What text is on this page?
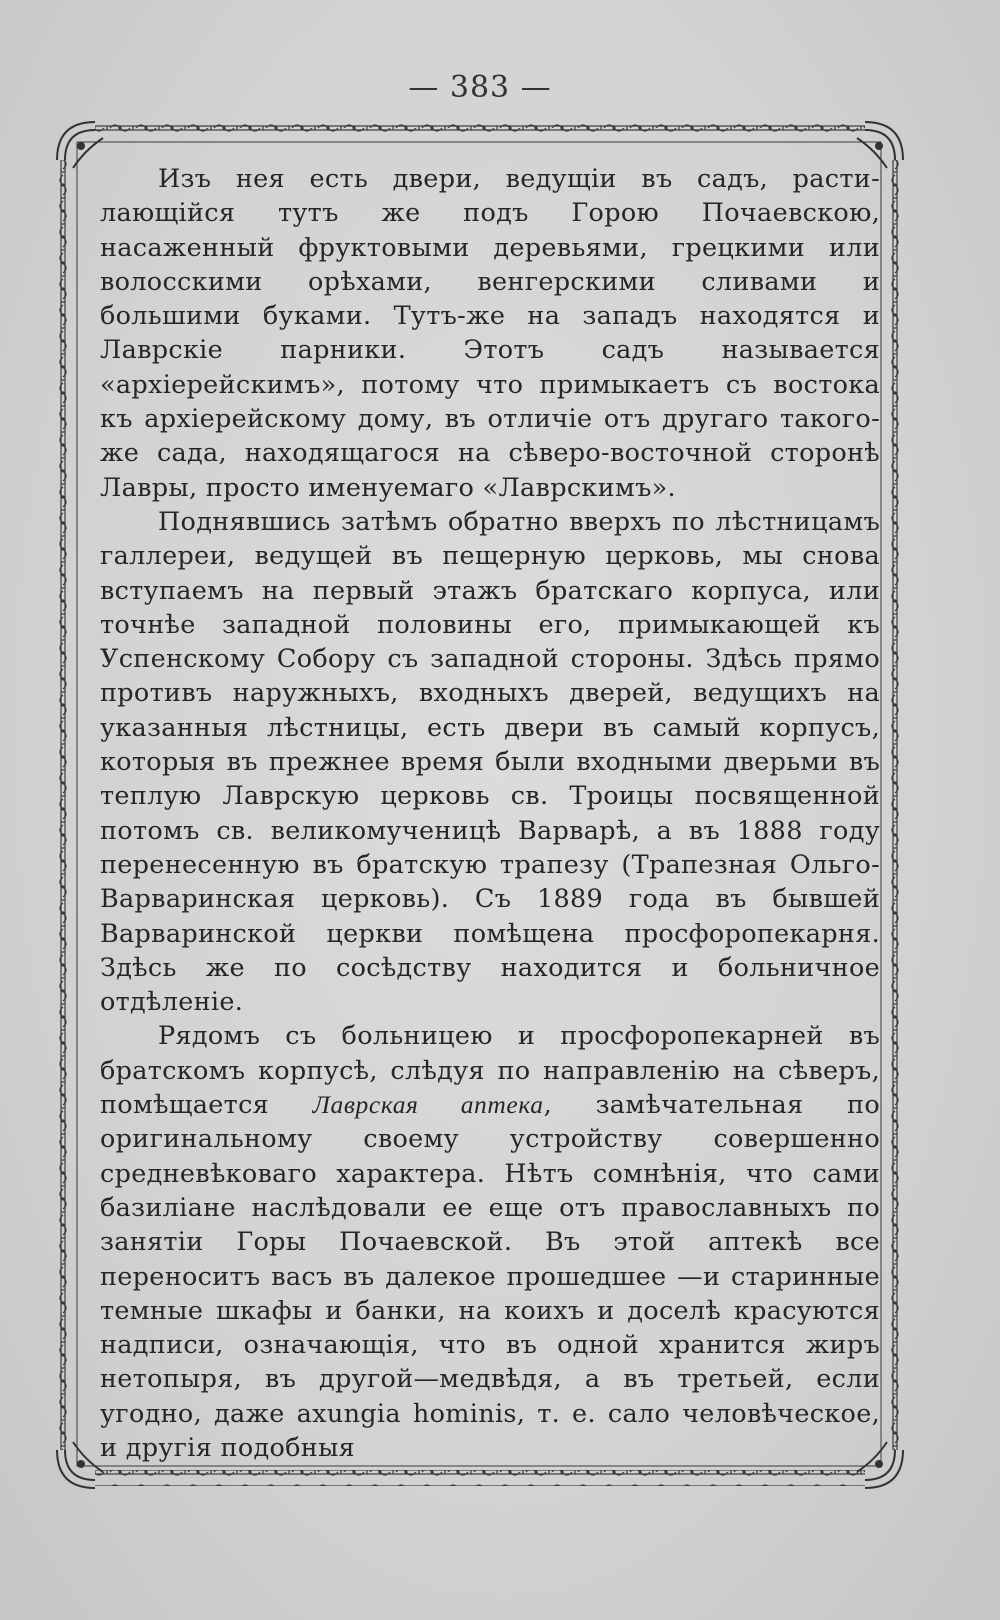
— 383 —

Изъ нея есть двери, ведущiи въ садъ, расти-лающiйся тутъ же подъ Горою Почаевскою, насаженный фруктовыми деревьями, грецкими или волосскими орѣхами, венгерскими сливами и большими буками. Тутъ-же на западъ находятся и Лаврскiе парники. Этотъ садъ называется «архiерейскимъ», потому что примыкаетъ съ востока къ архiерейскому дому, въ отличiе отъ другаго такого-же сада, находящагося на сѣверо-восточной сторонѣ Лавры, просто именуемаго «Лаврскимъ».

Поднявшись затѣмъ обратно вверхъ по лѣстницамъ галлереи, ведущей въ пещерную церковь, мы снова вступаемъ на первый этажъ братскаго корпуса, или точнѣе западной половины его, примыкающей къ Успенскому Собору съ западной стороны. Здѣсь прямо противъ наружныхъ, входныхъ дверей, ведущихъ на указанныя лѣстницы, есть двери въ самый корпусъ, которыя въ прежнее время были входными дверьми въ теплую Лаврскую церковь св. Троицы посвященной потомъ св. великомученицѣ Варварѣ, а въ 1888 году перенесенную въ братскую трапезу (Трапезная Ольго-Варваринская церковь). Съ 1889 года въ бывшей Варваринской церкви помѣщена просфоропекарня. Здѣсь же по сосѣдству находится и больничное отдѣленiе.

Рядомъ съ больницею и просфоропекарней въ братскомъ корпусѣ, слѣдуя по направленiю на сѣверъ, помѣщается Лаврская аптека, замѣчательная по оригинальному своему устройству совершенно средневѣковаго характера. Нѣтъ сомнѣнiя, что сами базилiане наслѣдовали ее еще отъ православныхъ по занятiи Горы Почаевской. Въ этой аптекѣ все переноситъ васъ въ далекое прошедшее —и старинные темные шкафы и банки, на коихъ и доселѣ красуются надписи, означающiя, что въ одной хранится жиръ нетопыря, въ другой—медвѣдя, а въ третьей, если угодно, даже axungia hominis, т. е. сало человѣческое, и другiя подобныя
